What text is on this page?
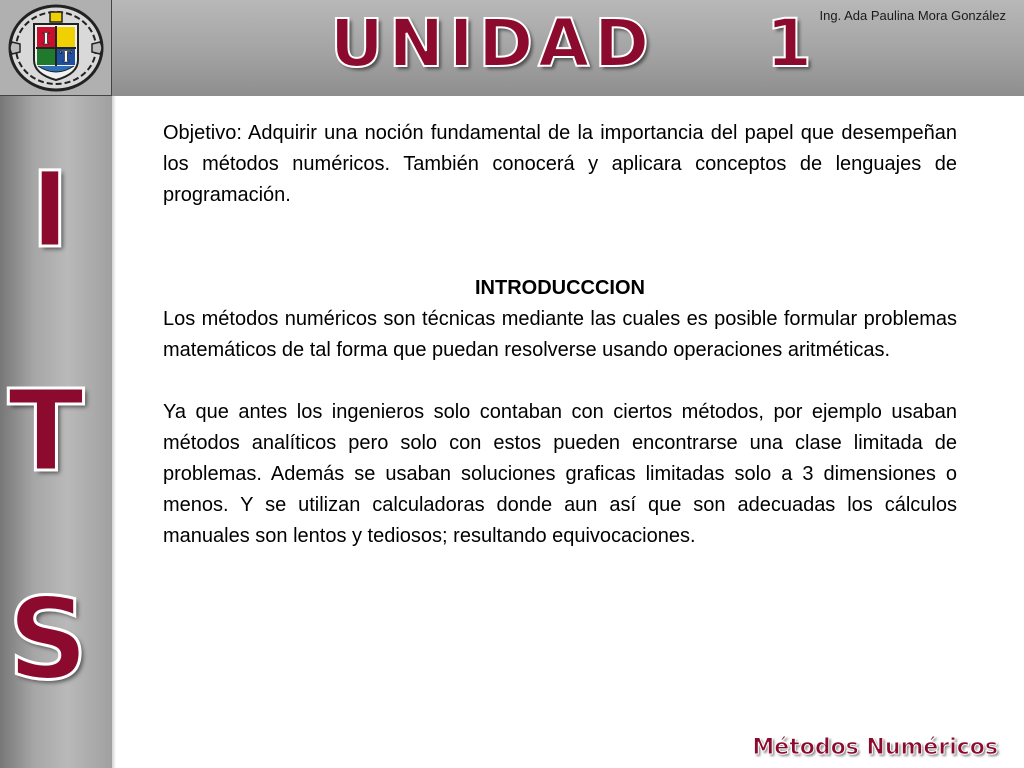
I
T	UNIDAD    1 Ing. Ada Paulina Mora González
I
T
S

Objetivo: Adquirir una noción fundamental de la importancia del papel que desempeñan los métodos numéricos. También conocerá y aplicara conceptos de lenguajes de programación.

INTRODUCCCION

Los métodos numéricos son técnicas mediante las cuales es posible formular problemas matemáticos de tal forma que puedan resolverse usando operaciones aritméticas.

Ya que antes los ingenieros solo contaban con ciertos métodos, por ejemplo usaban métodos analíticos pero solo con estos pueden encontrarse una clase limitada de problemas. Además se usaban soluciones graficas limitadas solo a 3 dimensiones o menos. Y se utilizan calculadoras donde aun así que son adecuadas los cálculos manuales son lentos y tediosos; resultando equivocaciones.

Métodos Numéricos
